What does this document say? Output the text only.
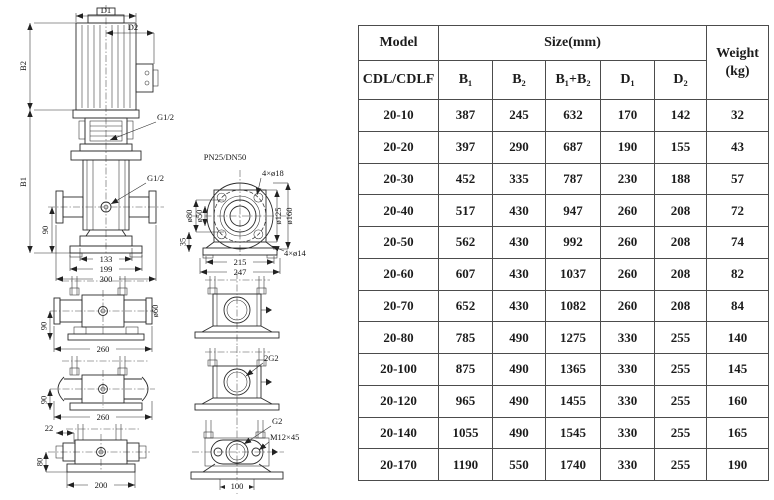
D1
D2
B2
B1
90
G1/2
G1/2
133
199
300
PN25/DN50
4×ø18
ø80 ø50	ø125 ø160
35
215
247
4×ø14
ø60
90
260
90
260
22
80
200
2G2
G2
M12×45
100
Model	Size(mm)					Weight
(kg)

CDL/CDLF	B₁	B₂	B₁+B₂	D₁	D₂	
20-10	387	245	632	170	142	32
20-20	397	290	687	190	155	43
20-30	452	335	787	230	188	57
20-40	517	430	947	260	208	72
20-50	562	430	992	260	208	74
20-60	607	430	1037	260	208	82
20-70	652	430	1082	260	208	84
20-80	785	490	1275	330	255	140
20-100	875	490	1365	330	255	145
20-120	965	490	1455	330	255	160
20-140	1055	490	1545	330	255	165
20-170	1190	550	1740	330	255	190
